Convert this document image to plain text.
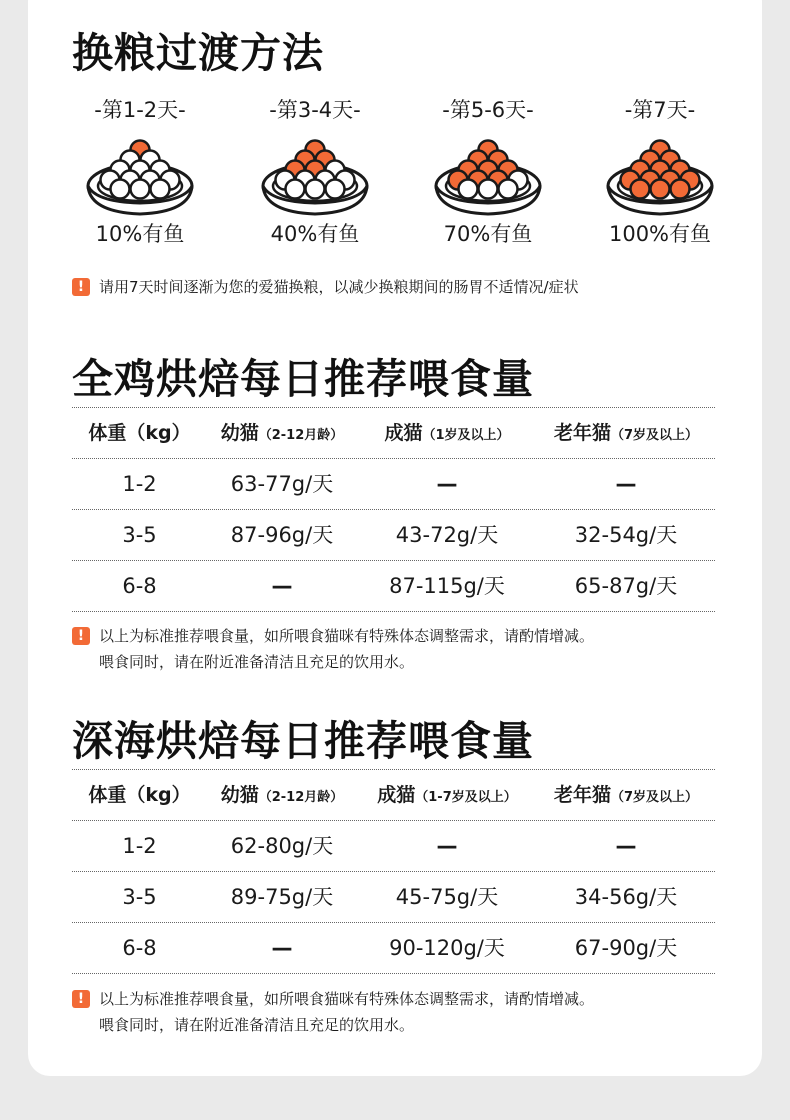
换粮过渡方法
-第1-2天-
10%有鱼
-第3-4天-
40%有鱼
-第5-6天-
70%有鱼
-第7天-
100%有鱼
! 请用7天时间逐渐为您的爱猫换粮，以减少换粮期间的肠胃不适情况/症状
全鸡烘焙每日推荐喂食量
体重（kg）	幼猫（2-12月龄）	成猫（1岁及以上）	老年猫（7岁及以上）
1-2	63-77g/天	—	—
3-5	87-96g/天	43-72g/天	32-54g/天
6-8	—	87-115g/天	65-87g/天
! 以上为标准推荐喂食量，如所喂食猫咪有特殊体态调整需求，请酌情增减。
喂食同时，请在附近准备清洁且充足的饮用水。
深海烘焙每日推荐喂食量
体重（kg）	幼猫（2-12月龄）	成猫（1-7岁及以上）	老年猫（7岁及以上）
1-2	62-80g/天	—	—
3-5	89-75g/天	45-75g/天	34-56g/天
6-8	—	90-120g/天	67-90g/天
! 以上为标准推荐喂食量，如所喂食猫咪有特殊体态调整需求，请酌情增减。
喂食同时，请在附近准备清洁且充足的饮用水。
